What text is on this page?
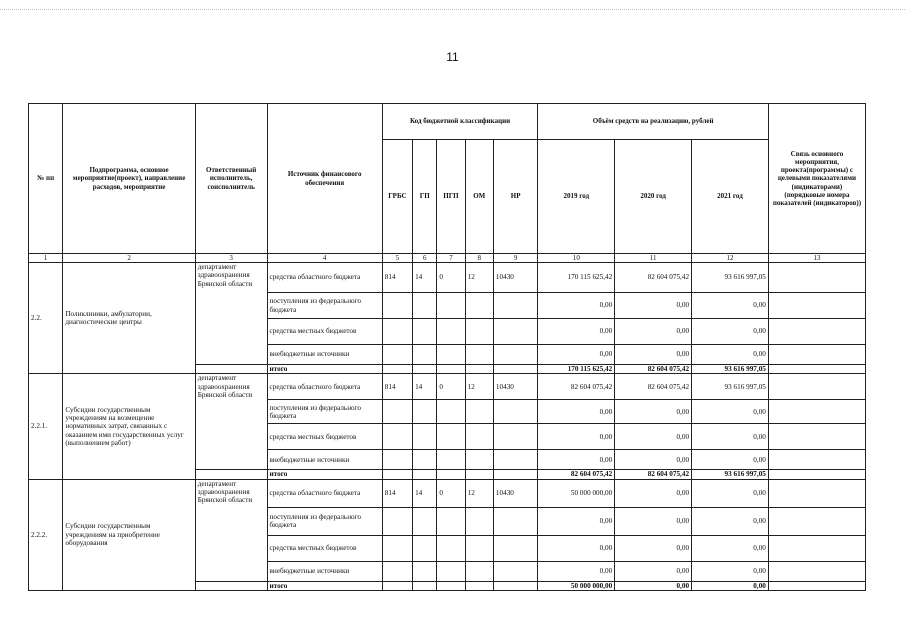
11
№ пп	Подпрограмма, основное мероприятие(проект), направление расходов, мероприятие	Ответственный исполнитель, соисполнитель	Источник финансового обеспечения	Код бюджетной классификации					Объём средств на реализацию, рублей			Связь основного мероприятия, проекта(программы) с целевыми показателями (индикаторами) (порядковые номера показателей (индикаторов))
				ГРБС	ГП	ПГП	ОМ	НР	2019 год	2020 год	2021 год	
1	2	3	4	5	6	7	8	9	10	11	12	13
2.2.	Поликлиники, амбулатории, диагностические центры	департамент здравоохранения Брянской области	средства областного бюджета	814	14	0	12	10430	170 115 625,42	82 604 075,42	93 616 997,05	
			поступления из федерального бюджета						0,00	0,00	0,00	
			средства местных бюджетов						0,00	0,00	0,00	
			внебюджетные источники						0,00	0,00	0,00	
			итого						170 115 625,42	82 604 075,42	93 616 997,05	
2.2.1.	Субсидии государственным учреждениям на возмещение нормативных затрат, связанных с оказанием ими государственных услуг (выполнением работ)	департамент здравоохранения Брянской области	средства областного бюджета	814	14	0	12	10430	82 604 075,42	82 604 075,42	93 616 997,05	
			поступления из федерального бюджета						0,00	0,00	0,00	
			средства местных бюджетов						0,00	0,00	0,00	
			внебюджетные источники						0,00	0,00	0,00	
			итого						82 604 075,42	82 604 075,42	93 616 997,05	
2.2.2.	Субсидии государственным учреждениям на приобретение оборудования	департамент здравоохранения Брянской области	средства областного бюджета	814	14	0	12	10430	50 000 000,00	0,00	0,00	
			поступления из федерального бюджета						0,00	0,00	0,00	
			средства местных бюджетов						0,00	0,00	0,00	
			внебюджетные источники						0,00	0,00	0,00	
			итого						50 000 000,00	0,00	0,00	
